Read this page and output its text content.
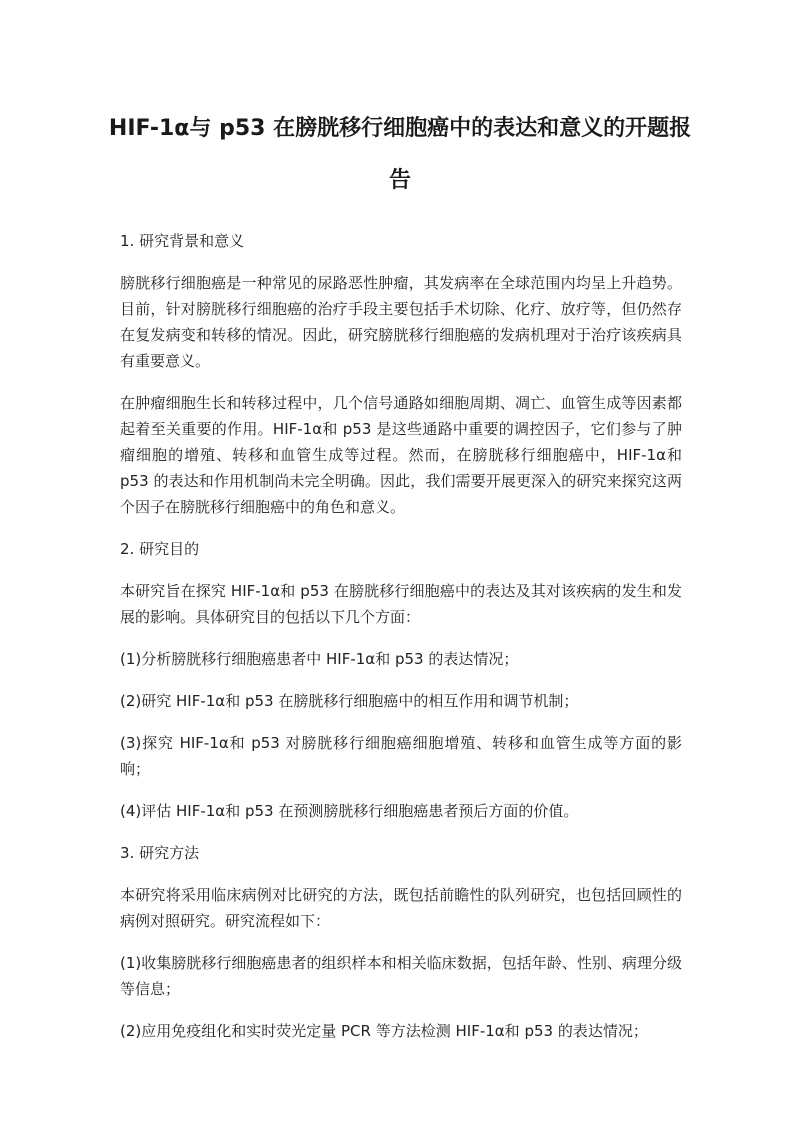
HIF-1α与 p53 在膀胱移行细胞癌中的表达和意义的开题报告

1. 研究背景和意义

膀胱移行细胞癌是一种常见的尿路恶性肿瘤，其发病率在全球范围内均呈上升趋势。目前，针对膀胱移行细胞癌的治疗手段主要包括手术切除、化疗、放疗等，但仍然存在复发病变和转移的情况。因此，研究膀胱移行细胞癌的发病机理对于治疗该疾病具有重要意义。

在肿瘤细胞生长和转移过程中，几个信号通路如细胞周期、凋亡、血管生成等因素都起着至关重要的作用。HIF-1α和 p53 是这些通路中重要的调控因子，它们参与了肿瘤细胞的增殖、转移和血管生成等过程。然而，在膀胱移行细胞癌中，HIF-1α和 p53 的表达和作用机制尚未完全明确。因此，我们需要开展更深入的研究来探究这两个因子在膀胱移行细胞癌中的角色和意义。

2. 研究目的

本研究旨在探究 HIF-1α和 p53 在膀胱移行细胞癌中的表达及其对该疾病的发生和发展的影响。具体研究目的包括以下几个方面：

(1)分析膀胱移行细胞癌患者中 HIF-1α和 p53 的表达情况；

(2)研究 HIF-1α和 p53 在膀胱移行细胞癌中的相互作用和调节机制；

(3)探究 HIF-1α和 p53 对膀胱移行细胞癌细胞增殖、转移和血管生成等方面的影响；

(4)评估 HIF-1α和 p53 在预测膀胱移行细胞癌患者预后方面的价值。

3. 研究方法

本研究将采用临床病例对比研究的方法，既包括前瞻性的队列研究，也包括回顾性的病例对照研究。研究流程如下：

(1)收集膀胱移行细胞癌患者的组织样本和相关临床数据，包括年龄、性别、病理分级等信息；

(2)应用免疫组化和实时荧光定量 PCR 等方法检测 HIF-1α和 p53 的表达情况；
